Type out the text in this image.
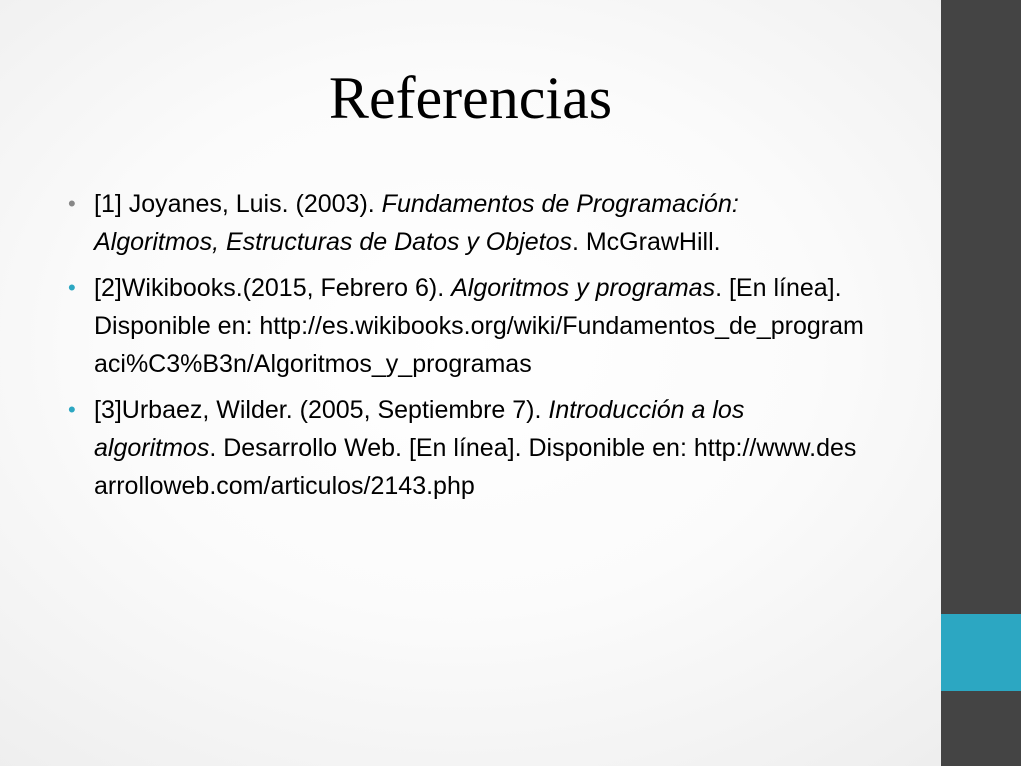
Referencias
• [1] Joyanes, Luis. (2003). Fundamentos de Programación: Algoritmos, Estructuras de Datos y Objetos. McGrawHill.
• [2]Wikibooks.(2015, Febrero 6). Algoritmos y programas. [En línea]. Disponible en: http://es.wikibooks.org/wiki/Fundamentos_de_programaci%C3%B3n/Algoritmos_y_programas
• [3]Urbaez, Wilder. (2005, Septiembre 7). Introducción a los algoritmos. Desarrollo Web. [En línea]. Disponible en: http://www.desarrolloweb.com/articulos/2143.php
